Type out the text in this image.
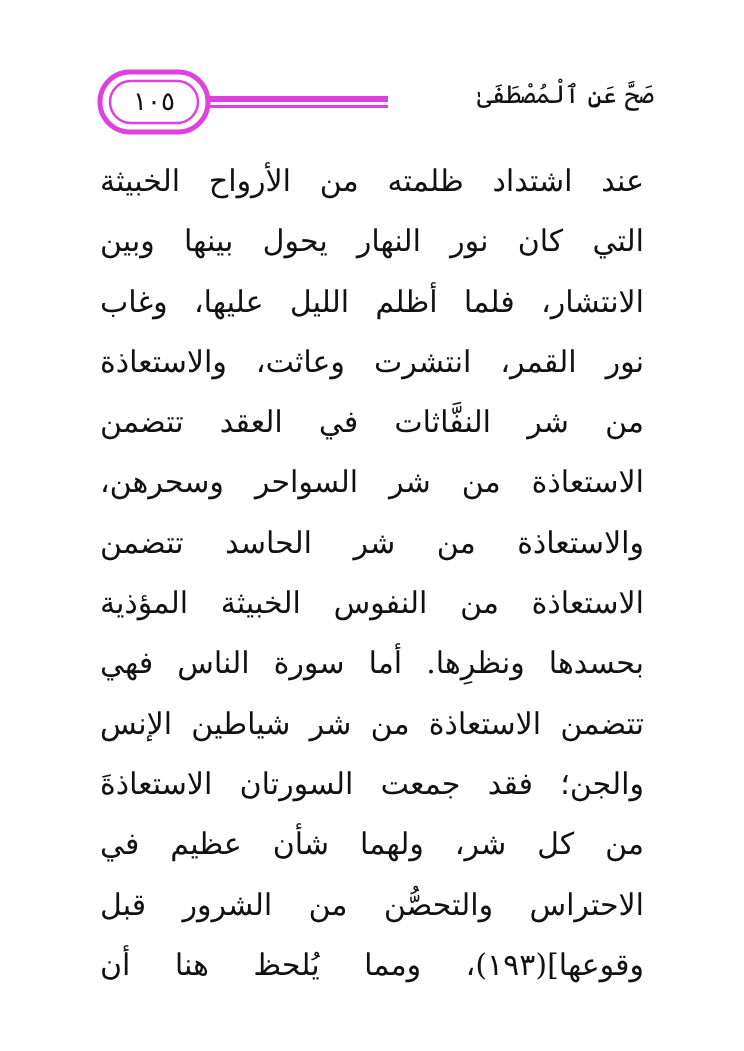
١٠٥	صَحَّ عَنِ ٱلْمُصْطَفَىٰ
عند اشتداد ظلمته من الأرواح الخبيثة
التي كان نور النهار يحول بينها وبين
الانتشار، فلما أظلم الليل عليها، وغاب
نور القمر، انتشرت وعاثت، والاستعاذة
من شر النفَّاثات في العقد تتضمن
الاستعاذة من شر السواحر وسحرهن،
والاستعاذة من شر الحاسد تتضمن
الاستعاذة من النفوس الخبيثة المؤذية
بحسدها ونظرِها. أما سورة الناس فهي
تتضمن الاستعاذة من شر شياطين الإنس
والجن؛ فقد جمعت السورتان الاستعاذةَ
من كل شر، ولهما شأن عظيم في
الاحتراس والتحصُّن من الشرور قبل
وقوعها](١٩٣)، ومما يُلحظ هنا أن
